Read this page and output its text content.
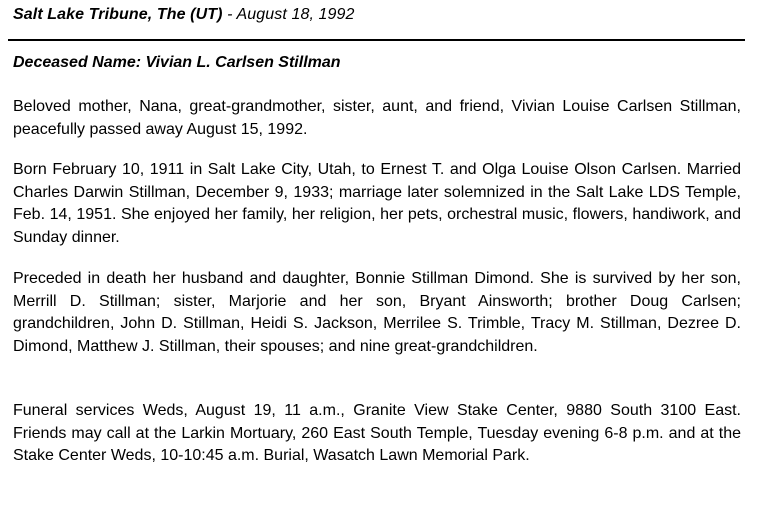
Salt Lake Tribune, The (UT) - August 18, 1992
Deceased Name: Vivian L. Carlsen Stillman
Beloved mother, Nana, great-grandmother, sister, aunt, and friend, Vivian Louise Carlsen Stillman, peacefully passed away August 15, 1992.
Born February 10, 1911 in Salt Lake City, Utah, to Ernest T. and Olga Louise Olson Carlsen. Married Charles Darwin Stillman, December 9, 1933; marriage later solemnized in the Salt Lake LDS Temple, Feb. 14, 1951. She enjoyed her family, her religion, her pets, orchestral music, flowers, handiwork, and Sunday dinner.
Preceded in death her husband and daughter, Bonnie Stillman Dimond. She is survived by her son, Merrill D. Stillman; sister, Marjorie and her son, Bryant Ainsworth; brother Doug Carlsen; grandchildren, John D. Stillman, Heidi S. Jackson, Merrilee S. Trimble, Tracy M. Stillman, Dezree D. Dimond, Matthew J. Stillman, their spouses; and nine great-grandchildren.
Funeral services Weds, August 19, 11 a.m., Granite View Stake Center, 9880 South 3100 East. Friends may call at the Larkin Mortuary, 260 East South Temple, Tuesday evening 6-8 p.m. and at the Stake Center Weds, 10-10:45 a.m. Burial, Wasatch Lawn Memorial Park.
